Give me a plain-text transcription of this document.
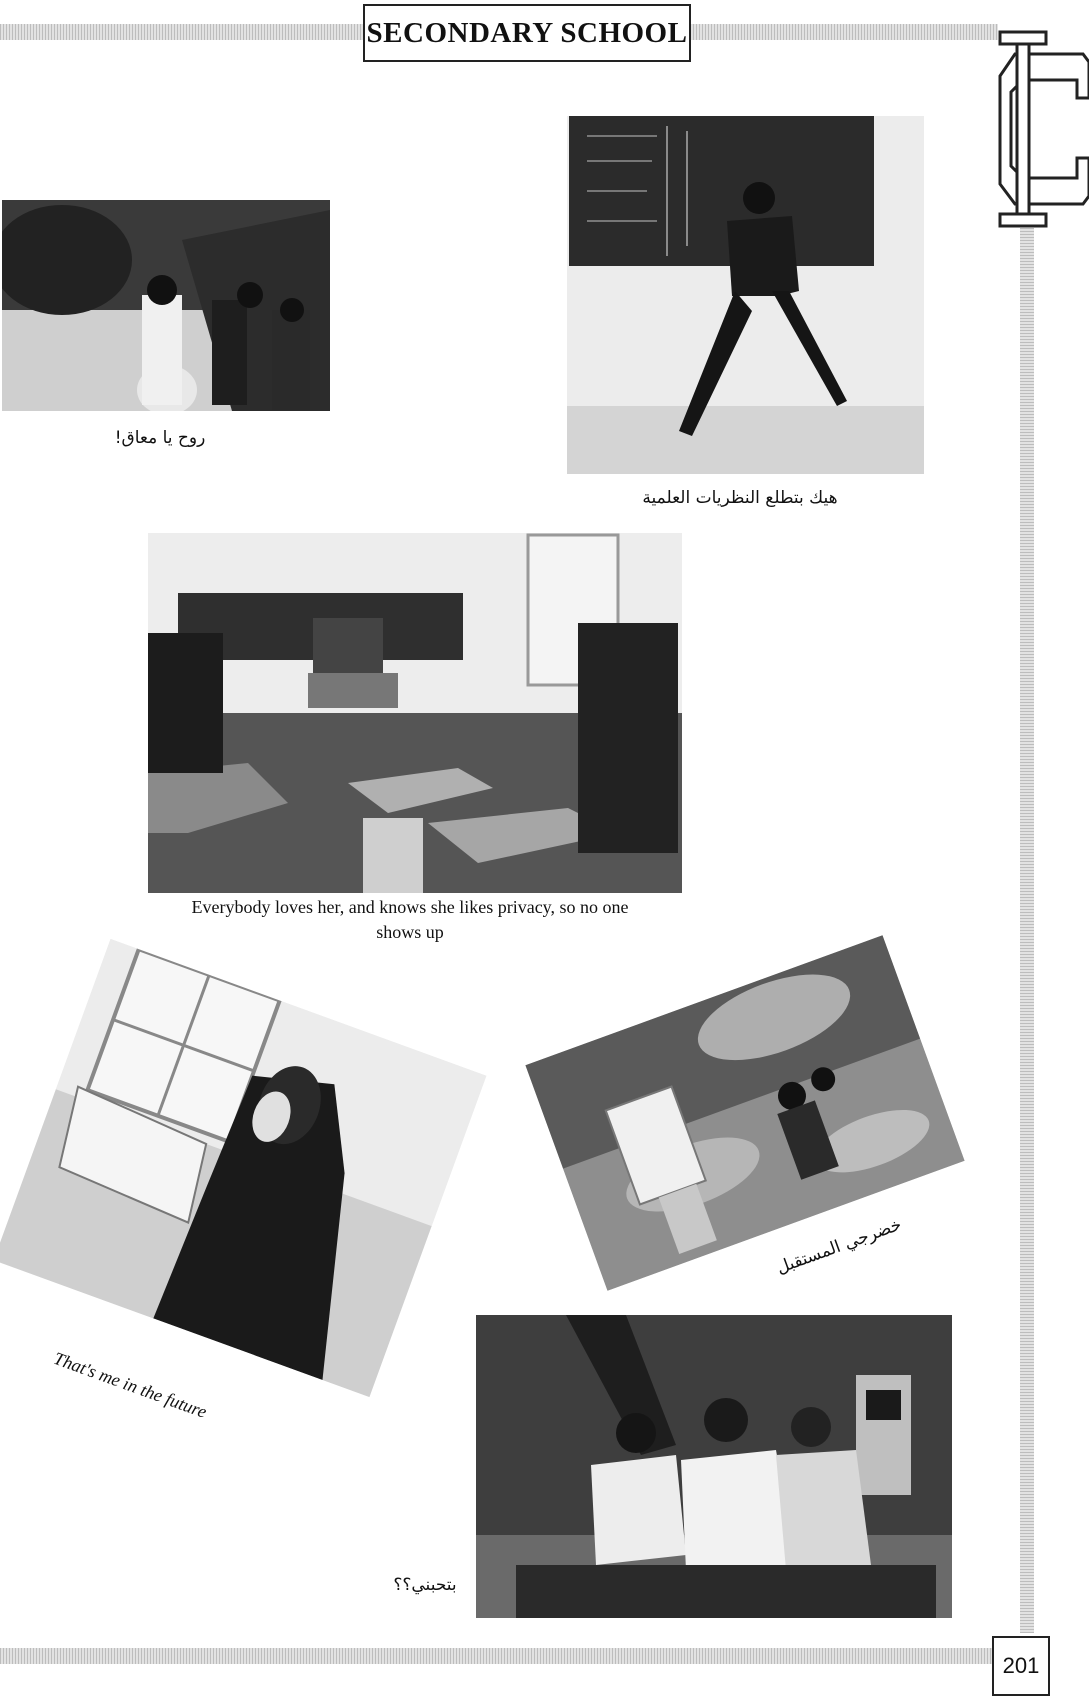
SECONDARY SCHOOL
روح يا معاق!
هيك بتطلع النظريات العلمية
Everybody loves her, and knows she likes privacy, so no one shows up
That's me in the future
خضرجي المستقبل
بتحبني؟؟
201
